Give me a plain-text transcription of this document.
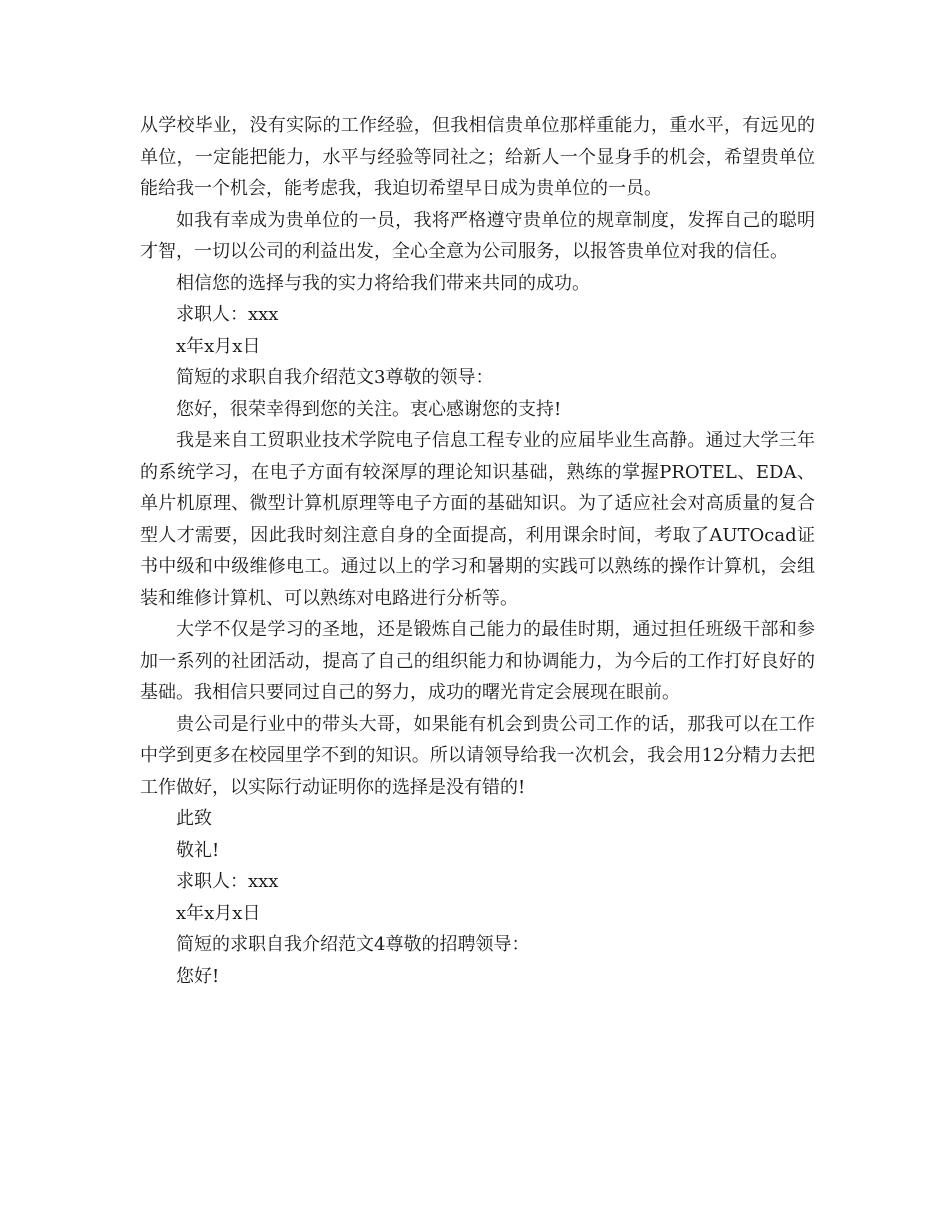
从学校毕业，没有实际的工作经验，但我相信贵单位那样重能力，重水平，有远见的单位，一定能把能力，水平与经验等同社之；给新人一个显身手的机会，希望贵单位能给我一个机会，能考虑我，我迫切希望早日成为贵单位的一员。

如我有幸成为贵单位的一员，我将严格遵守贵单位的规章制度，发挥自己的聪明才智，一切以公司的利益出发，全心全意为公司服务，以报答贵单位对我的信任。

相信您的选择与我的实力将给我们带来共同的成功。

求职人：xxx

x年x月x日

简短的求职自我介绍范文3尊敬的领导：

您好，很荣幸得到您的关注。衷心感谢您的支持!

我是来自工贸职业技术学院电子信息工程专业的应届毕业生高静。通过大学三年的系统学习，在电子方面有较深厚的理论知识基础，熟练的掌握PROTEL、EDA、单片机原理、微型计算机原理等电子方面的基础知识。为了适应社会对高质量的复合型人才需要，因此我时刻注意自身的全面提高，利用课余时间，考取了AUTOcad证书中级和中级维修电工。通过以上的学习和暑期的实践可以熟练的操作计算机，会组装和维修计算机、可以熟练对电路进行分析等。

大学不仅是学习的圣地，还是锻炼自己能力的最佳时期，通过担任班级干部和参加一系列的社团活动，提高了自己的组织能力和协调能力，为今后的工作打好良好的基础。我相信只要同过自己的努力，成功的曙光肯定会展现在眼前。

贵公司是行业中的带头大哥，如果能有机会到贵公司工作的话，那我可以在工作中学到更多在校园里学不到的知识。所以请领导给我一次机会，我会用12分精力去把工作做好，以实际行动证明你的选择是没有错的!

此致

敬礼!

求职人：xxx

x年x月x日

简短的求职自我介绍范文4尊敬的招聘领导：

您好!
